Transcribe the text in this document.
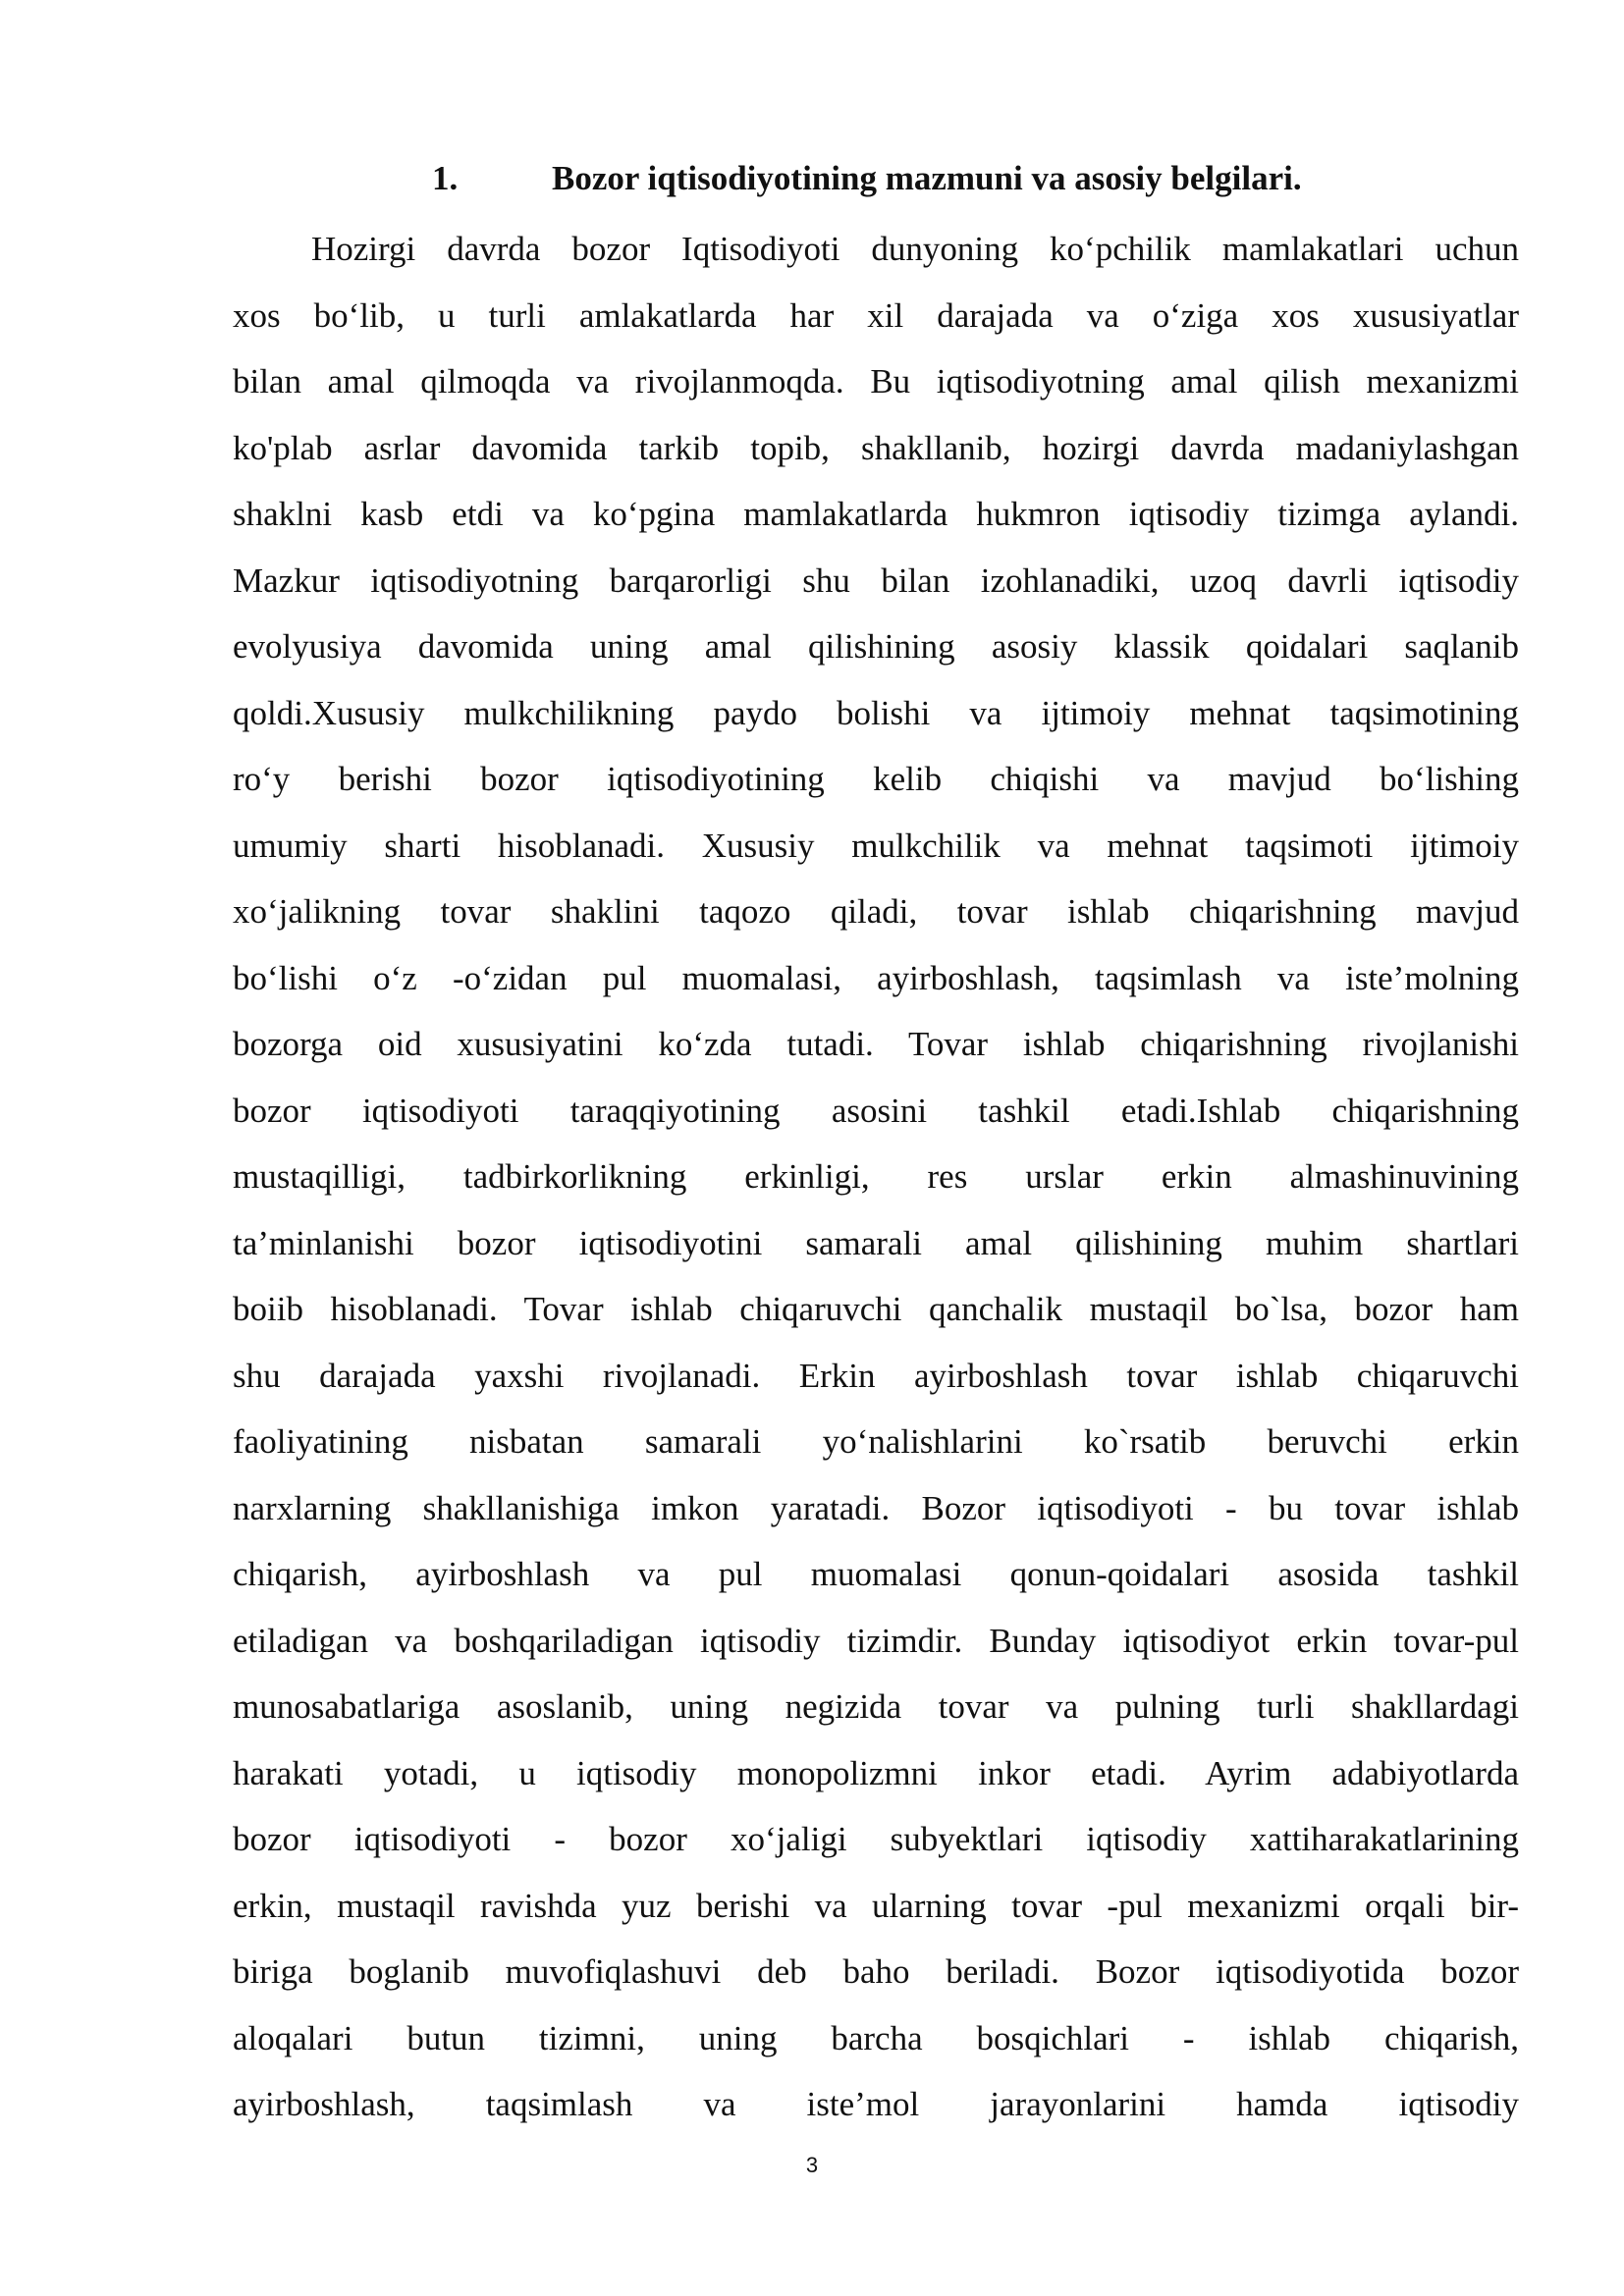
1.	Bozor iqtisodiyotining mazmuni va asosiy belgilari.
Hozirgi davrda bozor Iqtisodiyoti dunyoning ko‘pchilik mamlakatlari uchun
xos bo‘lib, u turli amlakatlarda har xil darajada va o‘ziga xos xususiyatlar
bilan amal qilmoqda va rivojlanmoqda. Bu iqtisodiyotning amal qilish mexanizmi
ko'plab asrlar davomida tarkib topib, shakllanib, hozirgi davrda madaniylashgan
shaklni kasb etdi va ko‘pgina mamlakatlarda hukmron iqtisodiy tizimga aylandi.
Mazkur iqtisodiyotning barqarorligi shu bilan izohlanadiki, uzoq davrli iqtisodiy
evolyusiya davomida uning amal qilishining asosiy klassik qoidalari saqlanib
qoldi.Xususiy mulkchilikning paydo bolishi va ijtimoiy mehnat taqsimotining
ro‘y berishi bozor iqtisodiyotining kelib chiqishi va mavjud bo‘lishing
umumiy sharti hisoblanadi. Xususiy mulkchilik va mehnat taqsimoti ijtimoiy
xo‘jalikning tovar shaklini taqozo qiladi, tovar ishlab chiqarishning mavjud
bo‘lishi o‘z -o‘zidan pul muomalasi, ayirboshlash, taqsimlash va iste’molning
bozorga oid xususiyatini ko‘zda tutadi. Tovar ishlab chiqarishning rivojlanishi
bozor iqtisodiyoti taraqqiyotining asosini tashkil etadi.Ishlab chiqarishning
mustaqilligi, tadbirkorlikning erkinligi, res urslar erkin almashinuvining
ta’minlanishi bozor iqtisodiyotini samarali amal qilishining muhim shartlari
boiib hisoblanadi. Tovar ishlab chiqaruvchi qanchalik mustaqil bo`lsa, bozor ham
shu darajada yaxshi rivojlanadi. Erkin ayirboshlash tovar ishlab chiqaruvchi
faoliyatining nisbatan samarali yo‘nalishlarini ko`rsatib beruvchi erkin
narxlarning shakllanishiga imkon yaratadi. Bozor iqtisodiyoti - bu tovar ishlab
chiqarish, ayirboshlash va pul muomalasi qonun-qoidalari asosida tashkil
etiladigan va boshqariladigan iqtisodiy tizimdir. Bunday iqtisodiyot erkin tovar-pul
munosabatlariga asoslanib, uning negizida tovar va pulning turli shakllardagi
harakati yotadi, u iqtisodiy monopolizmni inkor etadi. Ayrim adabiyotlarda
bozor iqtisodiyoti - bozor xo‘jaligi subyektlari iqtisodiy xattiharakatlarining
erkin, mustaqil ravishda yuz berishi va ularning tovar -pul mexanizmi orqali bir-
biriga boglanib muvofiqlashuvi deb baho beriladi. Bozor iqtisodiyotida bozor
aloqalari butun tizimni, uning barcha bosqichlari - ishlab chiqarish,
ayirboshlash, taqsimlash va iste’mol jarayonlarini hamda iqtisodiy
3
